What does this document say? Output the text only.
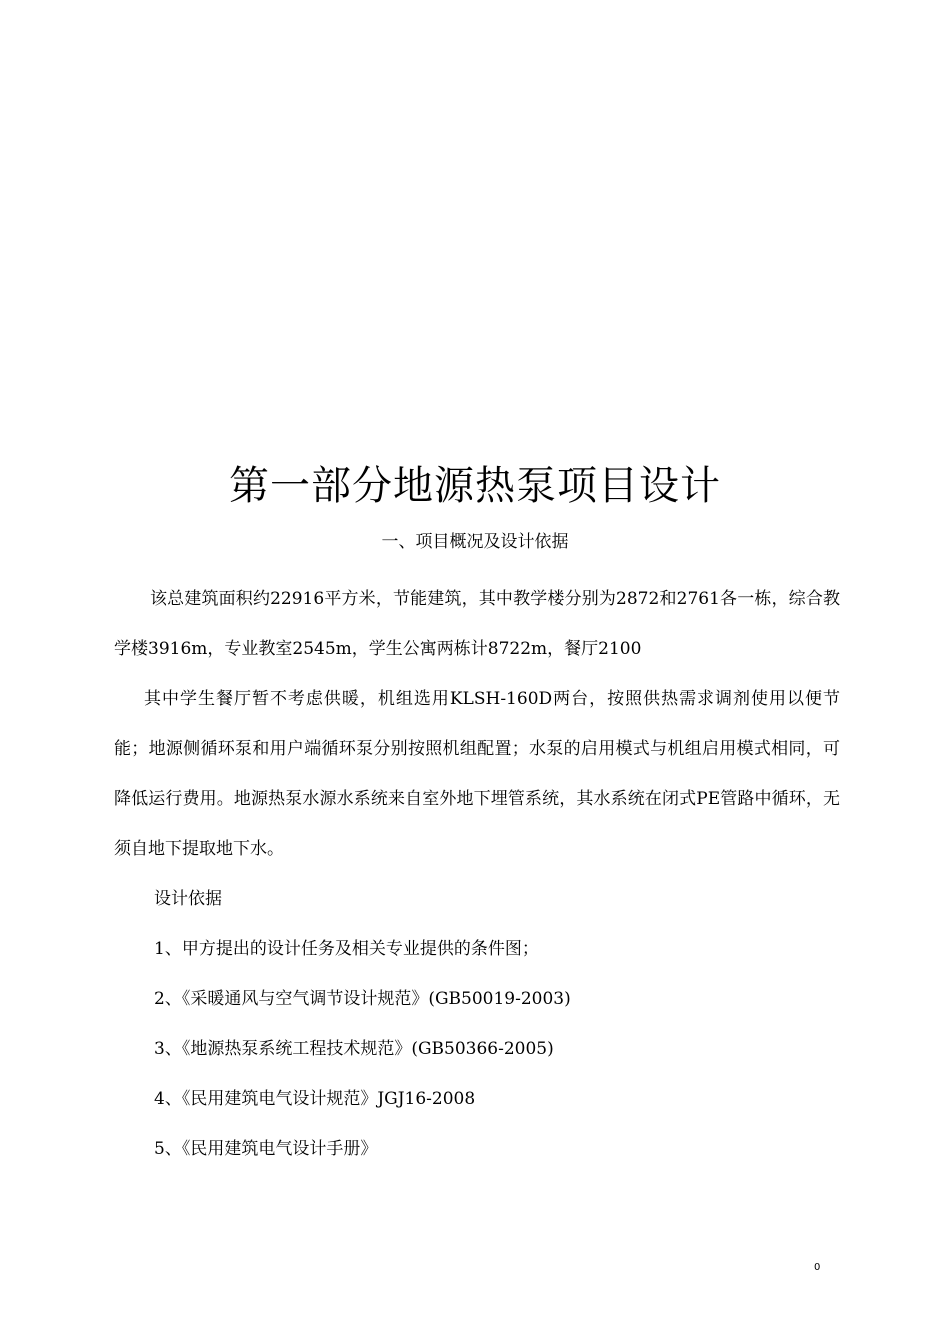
第一部分地源热泵项目设计
一、项目概况及设计依据

该总建筑面积约22916平方米，节能建筑，其中教学楼分别为2872和2761各一栋，综合教学楼3916m，专业教室2545m，学生公寓两栋计8722m，餐厅2100

其中学生餐厅暂不考虑供暖，机组选用KLSH-160D两台，按照供热需求调剂使用以便节能；地源侧循环泵和用户端循环泵分别按照机组配置；水泵的启用模式与机组启用模式相同，可降低运行费用。地源热泵水源水系统来自室外地下埋管系统，其水系统在闭式PE管路中循环，无须自地下提取地下水。

设计依据

1、甲方提出的设计任务及相关专业提供的条件图；
2、《采暖通风与空气调节设计规范》(GB50019-2003)
3、《地源热泵系统工程技术规范》(GB50366-2005)
4、《民用建筑电气设计规范》JGJ16-2008
5、《民用建筑电气设计手册》
0
